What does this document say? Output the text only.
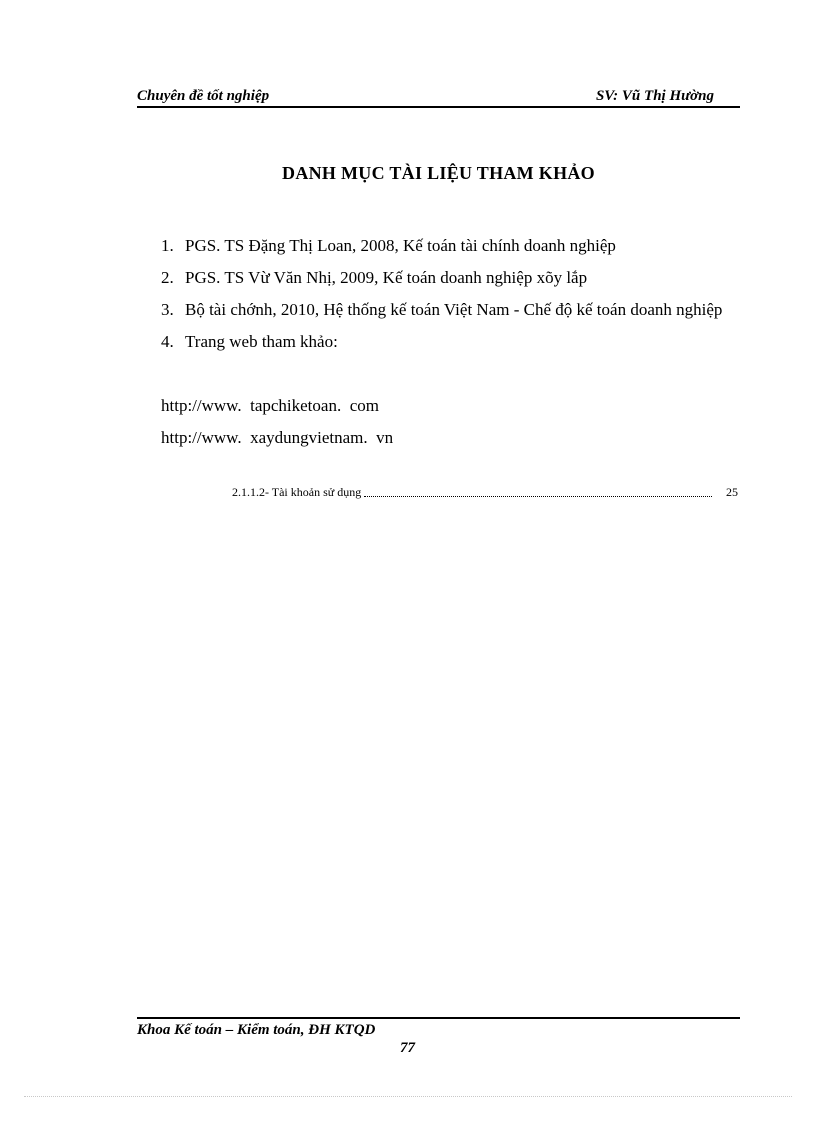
Chuyên đề tốt nghiệp	SV: Vũ Thị Hường
DANH MỤC TÀI LIỆU THAM KHẢO
1. PGS. TS Đặng Thị Loan, 2008, Kế toán tài chính doanh nghiệp
2. PGS. TS Vừ Văn Nhị, 2009, Kế toán doanh nghiệp xõy lắp
3. Bộ tài chớnh, 2010, Hệ thống kế toán Việt Nam - Chế độ kế toán doanh nghiệp
4. Trang web tham khảo:
http://www.  tapchiketoan.  com
http://www.  xaydungvietnam.  vn
2.1.1.2- Tài khoản sử dụng	25
Khoa Kế toán – Kiểm toán, ĐH KTQD
77
